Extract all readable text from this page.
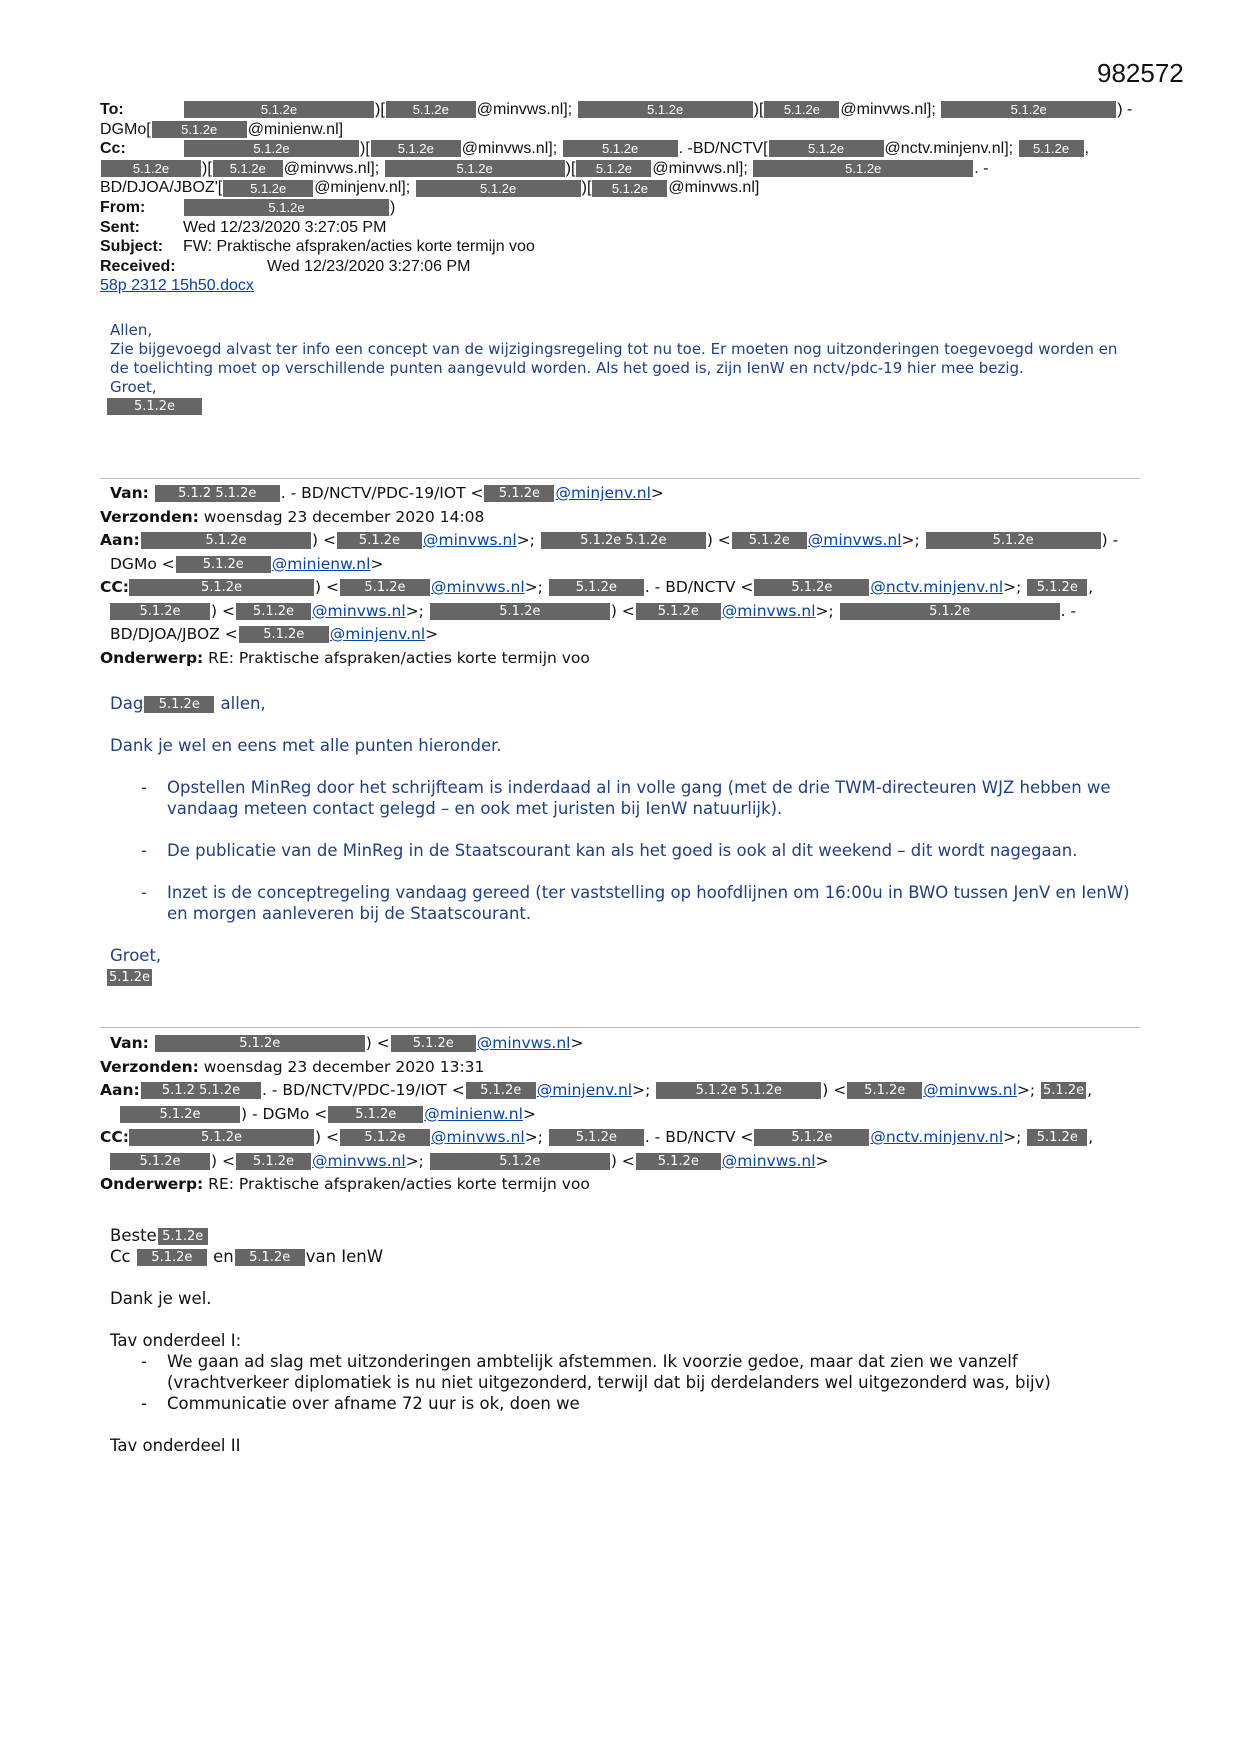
982572
To:	5.1.2e	)[ 5.1.2e @minvws.nl];	5.1.2e	)[ 5.1.2e @minvws.nl];	5.1.2e	) -
DGMo[ 5.1.2e @minienw.nl]
Cc:	5.1.2e	)[ 5.1.2e @minvws.nl];	5.1.2e	. -BD/NCTV[	5.1.2e	@nctv.minjenv.nl]; 5.1.2e ,
5.1.2e )[ 5.1.2e @minvws.nl];	5.1.2e	)[ 5.1.2e @minvws.nl];	5.1.2e	. -
BD/DJOA/JBOZ'[ 5.1.2e @minjenv.nl];	5.1.2e	)[ 5.1.2e @minvws.nl]
From:	5.1.2e	)
Sent:	Wed 12/23/2020 3:27:05 PM
Subject: FW: Praktische afspraken/acties korte termijn voo
Received:	Wed 12/23/2020 3:27:06 PM
58p 2312 15h50.docx
Allen,
Zie bijgevoegd alvast ter info een concept van de wijzigingsregeling tot nu toe. Er moeten nog uitzonderingen toegevoegd worden en de toelichting moet op verschillende punten aangevuld worden. Als het goed is, zijn IenW en nctv/pdc-19 hier mee bezig.
Groet,
5.1.2e
Van: 5.1.2 5.1.2e . - BD/NCTV/PDC-19/IOT < 5.1.2e @minjenv.nl>
Verzonden: woensdag 23 december 2020 14:08
Aan:	5.1.2e	) < 5.1.2e @minvws.nl>;	5.1.2e 5.1.2e	) < 5.1.2e @minvws.nl>;	5.1.2e	) -
DGMo < 5.1.2e @minienw.nl>
CC:	5.1.2e	) < 5.1.2e @minvws.nl>; 5.1.2e . - BD/NCTV <	5.1.2e @nctv.minjenv.nl>; 5.1.2e ,
5.1.2e ) < 5.1.2e @minvws.nl>;	5.1.2e	) < 5.1.2e @minvws.nl>;	5.1.2e	. -
BD/DJOA/JBOZ < 5.1.2e @minjenv.nl>
Onderwerp: RE: Praktische afspraken/acties korte termijn voo
Dag 5.1.2e allen,
Dank je wel en eens met alle punten hieronder.
- Opstellen MinReg door het schrijfteam is inderdaad al in volle gang (met de drie TWM-directeuren WJZ hebben we vandaag meteen contact gelegd – en ook met juristen bij IenW natuurlijk).
- De publicatie van de MinReg in de Staatscourant kan als het goed is ook al dit weekend – dit wordt nagegaan.
- Inzet is de conceptregeling vandaag gereed (ter vaststelling op hoofdlijnen om 16:00u in BWO tussen JenV en IenW) en morgen aanleveren bij de Staatscourant.
Groet,
5.1.2e
Van:	5.1.2e	) < 5.1.2e @minvws.nl>
Verzonden: woensdag 23 december 2020 13:31
Aan: 5.1.2 5.1.2e . - BD/NCTV/PDC-19/IOT < 5.1.2e @minjenv.nl>;	5.1.2e 5.1.2e	) < 5.1.2e @minvws.nl>; 5.1.2e ,
5.1.2e	) - DGMo < 5.1.2e @minienw.nl>
CC:	5.1.2e	) < 5.1.2e @minvws.nl>; 5.1.2e . - BD/NCTV <	5.1.2e @nctv.minjenv.nl>; 5.1.2e ,
5.1.2e ) < 5.1.2e @minvws.nl>;	5.1.2e	) < 5.1.2e @minvws.nl>
Onderwerp: RE: Praktische afspraken/acties korte termijn voo
Beste 5.1.2e
Cc 5.1.2e en 5.1.2e van IenW
Dank je wel.
Tav onderdeel I:
- We gaan ad slag met uitzonderingen ambtelijk afstemmen. Ik voorzie gedoe, maar dat zien we vanzelf (vrachtverkeer diplomatiek is nu niet uitgezonderd, terwijl dat bij derdelanders wel uitgezonderd was, bijv)
- Communicatie over afname 72 uur is ok, doen we
Tav onderdeel II
